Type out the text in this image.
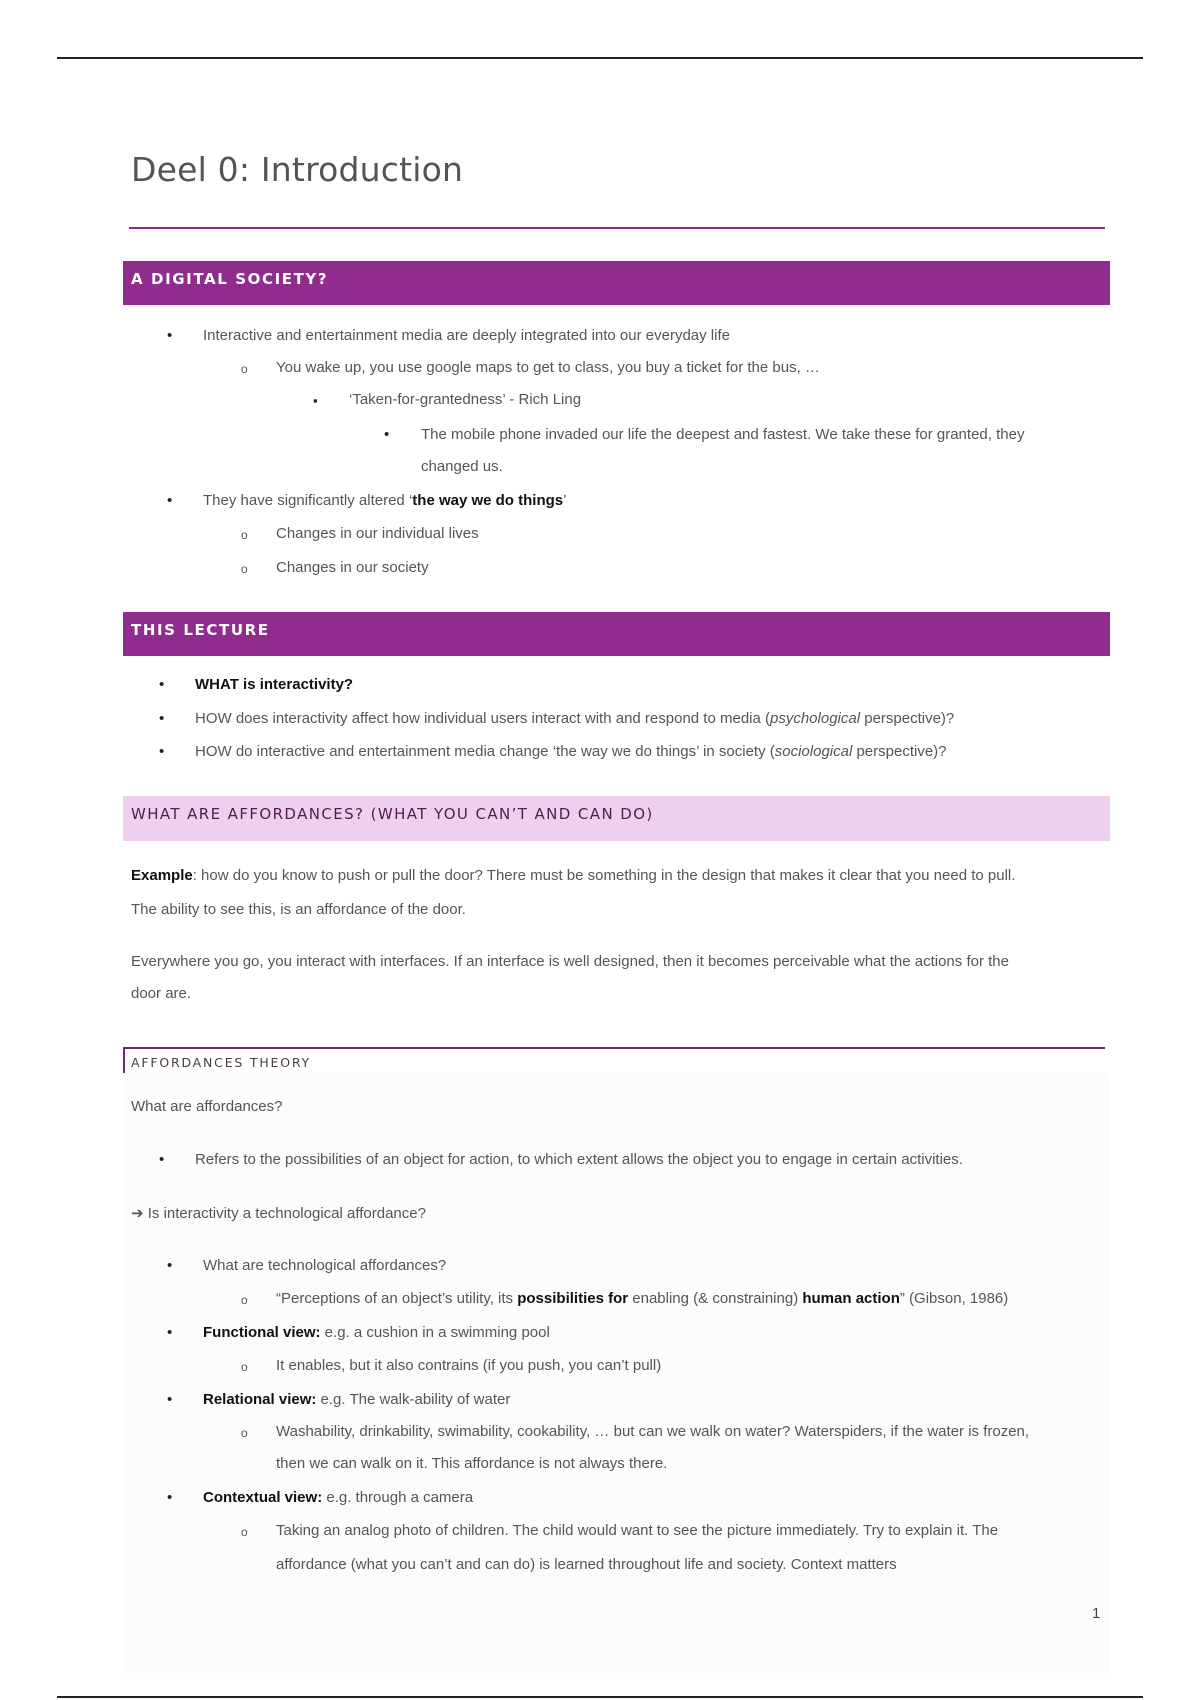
Deel 0: Introduction
A DIGITAL SOCIETY?
•
Interactive and entertainment media are deeply integrated into our everyday life
o
You wake up, you use google maps to get to class, you buy a ticket for the bus, …
▪
‘Taken-for-grantedness’ - Rich Ling
•
The mobile phone invaded our life the deepest and fastest. We take these for granted, they
changed us.
•
They have significantly altered ‘the way we do things’
o
Changes in our individual lives
o
Changes in our society
THIS LECTURE
•
WHAT is interactivity?
•
HOW does interactivity affect how individual users interact with and respond to media (psychological perspective)?
•
HOW do interactive and entertainment media change ‘the way we do things’ in society (sociological perspective)?
WHAT ARE AFFORDANCES? (WHAT YOU CAN’T AND CAN DO)
Example: how do you know to push or pull the door? There must be something in the design that makes it clear that you need to pull.
The ability to see this, is an affordance of the door.
Everywhere you go, you interact with interfaces. If an interface is well designed, then it becomes perceivable what the actions for the
door are.
AFFORDANCES THEORY
What are affordances?
•
Refers to the possibilities of an object for action, to which extent allows the object you to engage in certain activities.
➔ Is interactivity a technological affordance?
•
What are technological affordances?
o
“Perceptions of an object’s utility, its possibilities for enabling (& constraining) human action” (Gibson, 1986)
•
Functional view: e.g. a cushion in a swimming pool
o
It enables, but it also contrains (if you push, you can’t pull)
•
Relational view: e.g. The walk-ability of water
o
Washability, drinkability, swimability, cookability, … but can we walk on water? Waterspiders, if the water is frozen,
then we can walk on it. This affordance is not always there.
•
Contextual view: e.g. through a camera
o
Taking an analog photo of children. The child would want to see the picture immediately. Try to explain it. The
affordance (what you can’t and can do) is learned throughout life and society. Context matters
1
